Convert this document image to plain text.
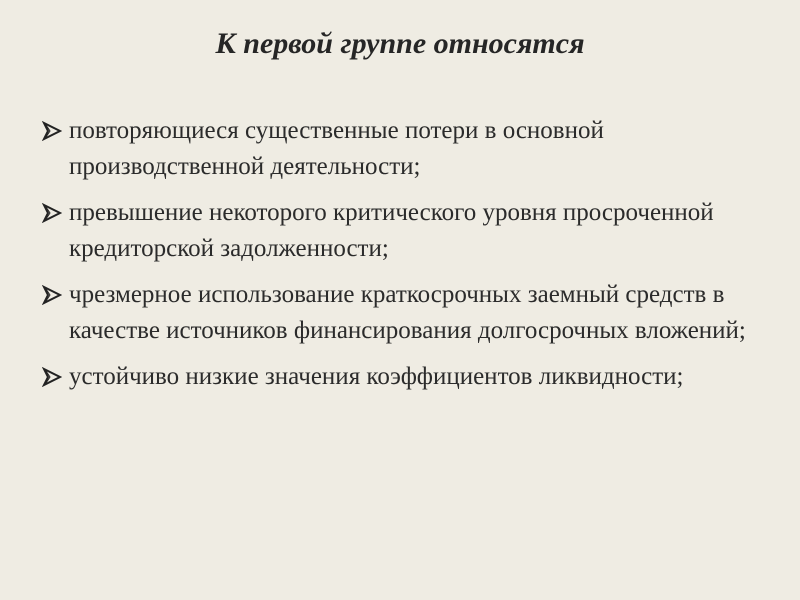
К первой группе относятся
повторяющиеся существенные потери в основной производственной деятельности;
превышение некоторого критического уровня просроченной кредиторской задолженности;
чрезмерное использование краткосрочных заемный средств в качестве источников финансирования долгосрочных вложений;
устойчиво низкие значения коэффициентов ликвидности;
